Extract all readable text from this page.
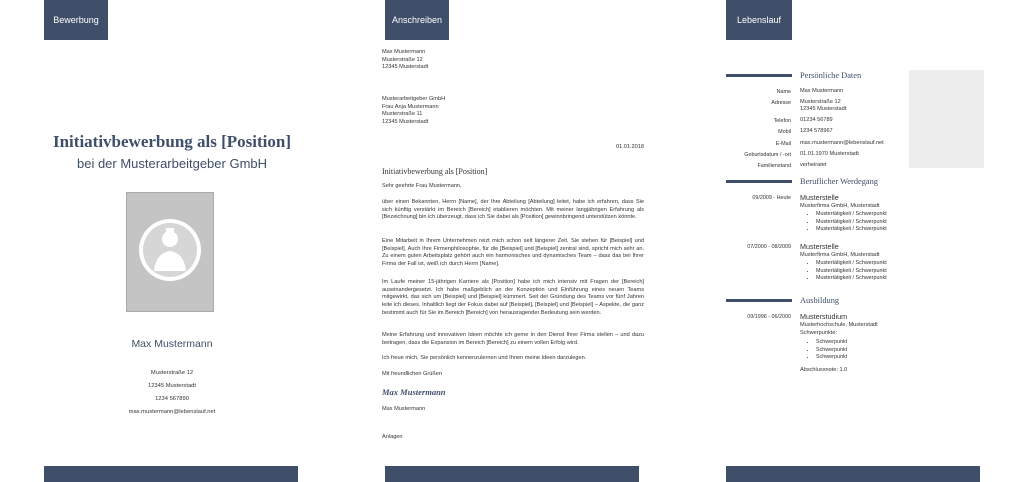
Bewerbung
Initiativbewerbung als [Position]
bei der Musterarbeitgeber GmbH
Max Mustermann
Musterstraße 12
12345 Musterstadt
1234 567890
max.mustermann@lebenslauf.net
Anschreiben
Max Mustermann
Musterstraße 12
12345 Musterstadt
Musterarbeitgeber GmbH
Frau Anja Mustermann
Musterstraße 11
12345 Musterstadt
01.01.2018
Initiativbewerbung als [Position]
Sehr geehrte Frau Mustermann,
über einen Bekannten, Herrn [Name], der Ihre Abteilung [Abteilung] leitet, habe ich erfahren, dass Sie sich künftig verstärkt im Bereich [Bereich] etablieren möchten. Mit meiner langjährigen Erfahrung als [Bezeichnung] bin ich überzeugt, dass ich Sie dabei als [Position] gewinnbringend unterstützen könnte.
Eine Mitarbeit in Ihrem Unternehmen reizt mich schon seit längerer Zeit. Sie stehen für [Beispiel] und [Beispiel]. Auch Ihre Firmenphilosophie, für die [Beispiel] und [Beispiel] zentral sind, spricht mich sehr an. Zu einem guten Arbeitsplatz gehört auch ein harmonisches und dynamisches Team – dass das bei Ihrer Firma der Fall ist, weiß ich durch Herrn [Name].
Im Laufe meiner 15-jährigen Karriere als [Position] habe ich mich intensiv mit Fragen der [Bereich] auseinandergesetzt. Ich habe maßgeblich an der Konzeption und Einführung eines neuen Teams mitgewirkt, das sich um [Beispiel] und [Beispiel] kümmert. Seit der Gründung des Teams vor fünf Jahren leite ich dieses. Inhaltlich liegt der Fokus dabei auf [Beispiel], [Beispiel] und [Beispiel] – Aspekte, die ganz bestimmt auch für Sie im Bereich [Bereich] von herausragender Bedeutung sein werden.
Meine Erfahrung und innovativen Ideen möchte ich gerne in den Dienst Ihrer Firma stellen – und dazu beitragen, dass die Expansion im Bereich [Bereich] zu einem vollen Erfolg wird.
Ich freue mich, Sie persönlich kennenzulernen und Ihnen meine Ideen darzulegen.
Mit freundlichen Grüßen
Max Mustermann
Max Mustermann
Anlagen
Lebenslauf
Persönliche Daten
Name Max Mustermann
Adresse Musterstraße 12
12345 Musterstadt
Telefon 01234 56789
Mobil 1234 578967
E-Mail max.mustermann@lebenslauf.net
Geburtsdatum / -ort 01.01.1970 Musterstadt
Familienstand verheiratet
Beruflicher Werdegang
09/2009 - Heute Musterstelle
Musterfirma GmbH, Musterstadt
• Mustertätigkeit / Schwerpunkt
• Mustertätigkeit / Schwerpunkt
• Mustertätigkeit / Schwerpunkt
07/2000 - 08/2009 Musterstelle
Musterfirma GmbH, Musterstadt
• Mustertätigkeit / Schwerpunkt
• Mustertätigkeit / Schwerpunkt
• Mustertätigkeit / Schwerpunkt
Ausbildung
09/1996 - 06/2000 Musterstudium
Musterhochschule, Musterstadt
Schwerpunkte:
• Schwerpunkt
• Schwerpunkt
• Schwerpunkt
Abschlussnote: 1.0
